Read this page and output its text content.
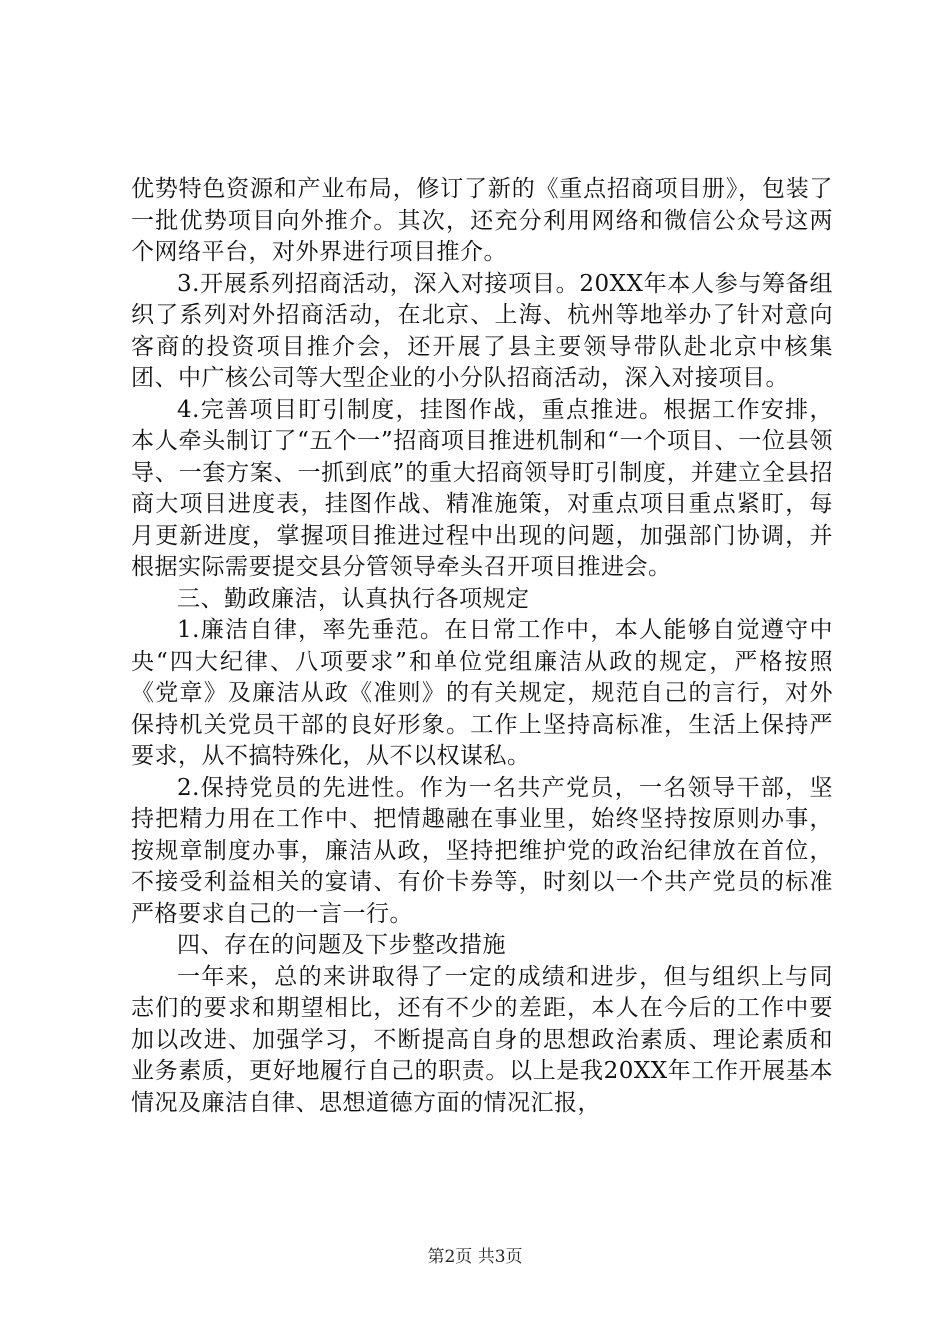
优势特色资源和产业布局，修订了新的《重点招商项目册》，包装了一批优势项目向外推介。其次，还充分利用网络和微信公众号这两个网络平台，对外界进行项目推介。

3.开展系列招商活动，深入对接项目。20XX年本人参与筹备组织了系列对外招商活动，在北京、上海、杭州等地举办了针对意向客商的投资项目推介会，还开展了县主要领导带队赴北京中核集团、中广核公司等大型企业的小分队招商活动，深入对接项目。

4.完善项目盯引制度，挂图作战，重点推进。根据工作安排，本人牵头制订了“五个一”招商项目推进机制和“一个项目、一位县领导、一套方案、一抓到底”的重大招商领导盯引制度，并建立全县招商大项目进度表，挂图作战、精准施策，对重点项目重点紧盯，每月更新进度，掌握项目推进过程中出现的问题，加强部门协调，并根据实际需要提交县分管领导牵头召开项目推进会。

三、勤政廉洁，认真执行各项规定

1.廉洁自律，率先垂范。在日常工作中，本人能够自觉遵守中央“四大纪律、八项要求”和单位党组廉洁从政的规定，严格按照《党章》及廉洁从政《准则》的有关规定，规范自己的言行，对外保持机关党员干部的良好形象。工作上坚持高标准，生活上保持严要求，从不搞特殊化，从不以权谋私。

2.保持党员的先进性。作为一名共产党员，一名领导干部，坚持把精力用在工作中、把情趣融在事业里，始终坚持按原则办事，按规章制度办事，廉洁从政，坚持把维护党的政治纪律放在首位，不接受利益相关的宴请、有价卡券等，时刻以一个共产党员的标准严格要求自己的一言一行。

四、存在的问题及下步整改措施

一年来，总的来讲取得了一定的成绩和进步，但与组织上与同志们的要求和期望相比，还有不少的差距，本人在今后的工作中要加以改进、加强学习，不断提高自身的思想政治素质、理论素质和业务素质，更好地履行自己的职责。以上是我20XX年工作开展基本情况及廉洁自律、思想道德方面的情况汇报，

第2页 共3页
